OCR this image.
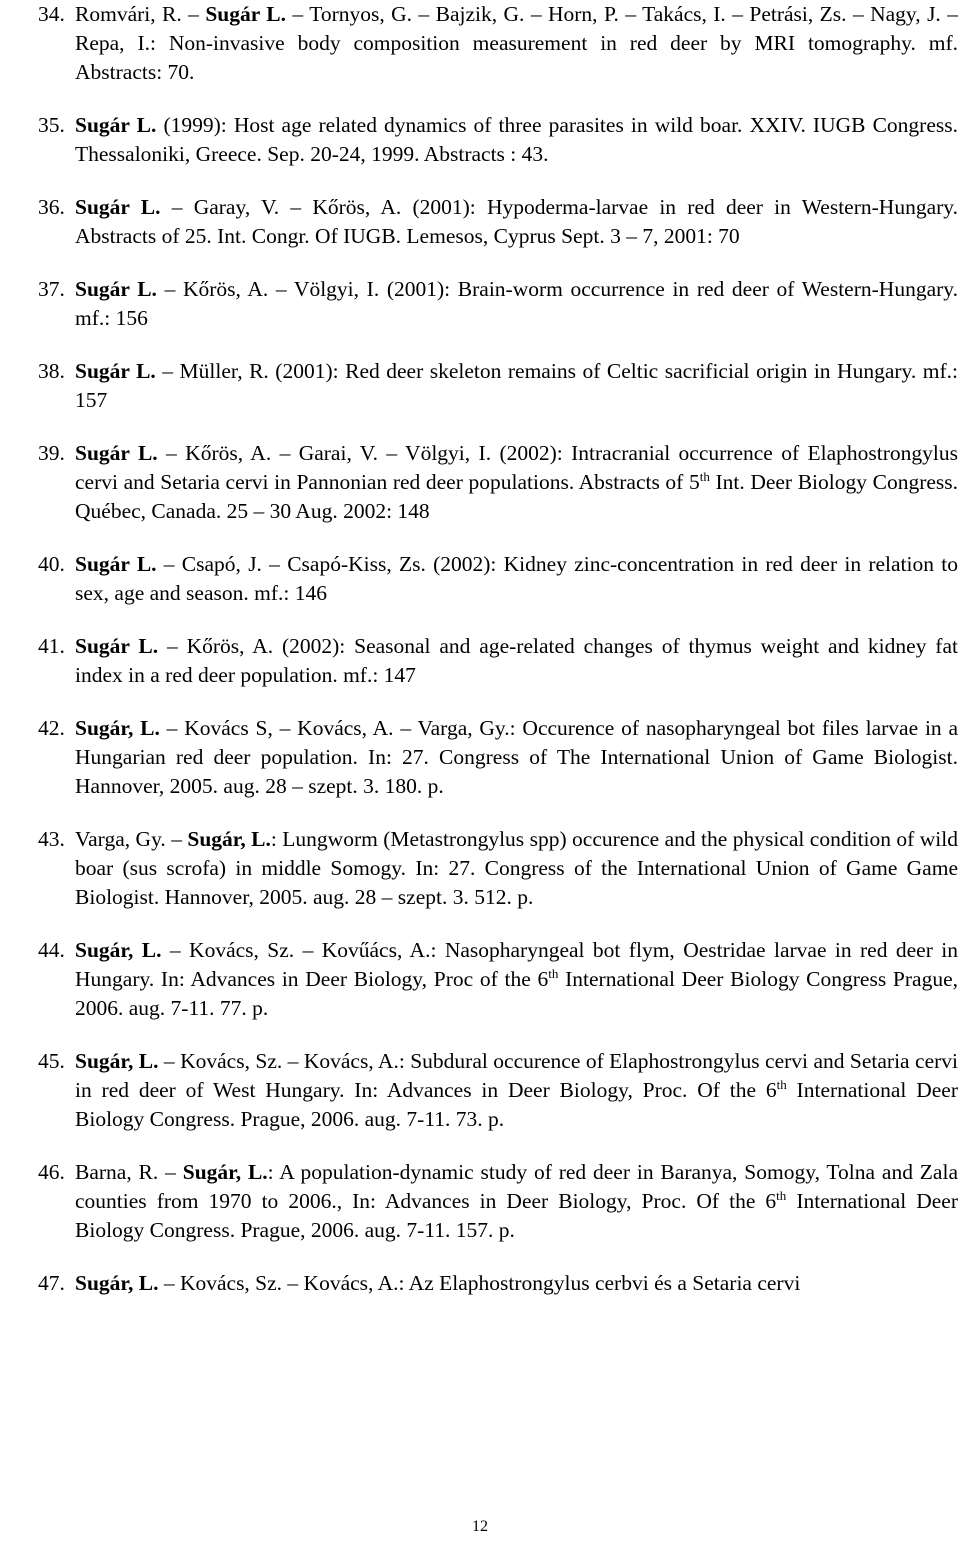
34. Romvári, R. – Sugár L. – Tornyos, G. – Bajzik, G. – Horn, P. – Takács, I. – Petrási, Zs. – Nagy, J. – Repa, I.: Non-invasive body composition measurement in red deer by MRI tomography. mf. Abstracts: 70.
35. Sugár L. (1999): Host age related dynamics of three parasites in wild boar. XXIV. IUGB Congress. Thessaloniki, Greece. Sep. 20-24, 1999. Abstracts : 43.
36. Sugár L. – Garay, V. – Kőrös, A. (2001): Hypoderma-larvae in red deer in Western-Hungary. Abstracts of 25. Int. Congr. Of IUGB. Lemesos, Cyprus Sept. 3 – 7, 2001: 70
37. Sugár L. – Kőrös, A. – Völgyi, I. (2001): Brain-worm occurrence in red deer of Western-Hungary. mf.: 156
38. Sugár L. – Müller, R. (2001): Red deer skeleton remains of Celtic sacrificial origin in Hungary. mf.: 157
39. Sugár L. – Kőrös, A. – Garai, V. – Völgyi, I. (2002): Intracranial occurrence of Elaphostrongylus cervi and Setaria cervi in Pannonian red deer populations. Abstracts of 5th Int. Deer Biology Congress. Québec, Canada. 25 – 30 Aug. 2002: 148
40. Sugár L. – Csapó, J. – Csapó-Kiss, Zs. (2002): Kidney zinc-concentration in red deer in relation to sex, age and season. mf.: 146
41. Sugár L. – Kőrös, A. (2002): Seasonal and age-related changes of thymus weight and kidney fat index in a red deer population. mf.: 147
42. Sugár, L. – Kovács S, – Kovács, A. – Varga, Gy.: Occurence of nasopharyngeal bot files larvae in a Hungarian red deer population. In: 27. Congress of The International Union of Game Biologist. Hannover, 2005. aug. 28 – szept. 3. 180. p.
43. Varga, Gy. – Sugár, L.: Lungworm (Metastrongylus spp) occurence and the physical condition of wild boar (sus scrofa) in middle Somogy. In: 27. Congress of the International Union of Game Game Biologist. Hannover, 2005. aug. 28 – szept. 3. 512. p.
44. Sugár, L. – Kovács, Sz. – Kovűács, A.: Nasopharyngeal bot flym, Oestridae larvae in red deer in Hungary. In: Advances in Deer Biology, Proc of the 6th International Deer Biology Congress Prague, 2006. aug. 7-11. 77. p.
45. Sugár, L. – Kovács, Sz. – Kovács, A.: Subdural occurence of Elaphostrongylus cervi and Setaria cervi in red deer of West Hungary. In: Advances in Deer Biology, Proc. Of the 6th International Deer Biology Congress. Prague, 2006. aug. 7-11. 73. p.
46. Barna, R. – Sugár, L.: A population-dynamic study of red deer in Baranya, Somogy, Tolna and Zala counties from 1970 to 2006., In: Advances in Deer Biology, Proc. Of the 6th International Deer Biology Congress. Prague, 2006. aug. 7-11. 157. p.
47. Sugár, L. – Kovács, Sz. – Kovács, A.: Az Elaphostrongylus cerbvi és a Setaria cervi
12
